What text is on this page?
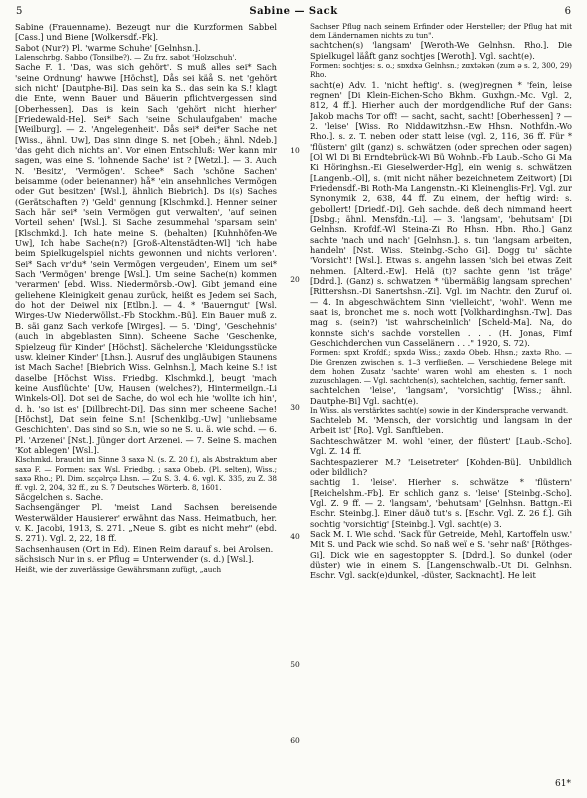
5	Sabine — Sack	6

Sabine (Frauenname). Bezeugt nur die Kurzformen Sabbel [Cass.] und Biene [Wolkersdf.-Fk].

Sabot (Nur?) Pl. 'warme Schuhe' [Gelnhsn.].

Lalenschrbg. Sabbo (Tonsilbe?). — Zu frz. sabot 'Holzschuh'.

Sache F. 1. 'Das, was sich gehört'. S muß alles sei* Sach 'seine Ordnung' hawwe [Höchst], Dås sei käå S. net 'gehört sich nicht' [Dautphe-Bi]. Das sein ka S.. das sein ka S.! klagt die Ente, wenn Bauer und Bäuerin pflichtvergessen sind [Oberhessen]. Das is kein Sach 'gehört nicht hierher' [Friedewald-He]. Sei* Sach 'seine Schulaufgaben' mache [Weilburg]. — 2. 'Angelegenheit'. Dås sei* dei*er Sache net [Wiss., ähnl. Uw], Das sinn dinge S. net [Obeh.; ähnl. Ndeb.] 'das geht dich nichts an'. Vor einen Entschluß: Wer kann mir sagen, was eine S. 'lohnende Sache' ist ? [Wetzl.]. — 3. Auch N. 'Besitz', 'Vermögen'. Schee* Sach 'schöne Sachen' beisamme (oder beienanner) hå* 'ein ansehnliches Vermögen oder Gut besitzen' [Wsl.], ähnlich Biebrich]. Ds i(s) Saches (Gerätschaften ?) 'Geld' gennung [Klschmkd.]. Henner seiner Sach här sei* 'sein Vermögen gut verwalten', 'auf seinen Vorteil sehen' [Wsl.]. Si Sache zesummehal 'sparsam sein' [Klschmkd.]. Ich hate meine S. (behalten) [Kuhnhöfen-We Uw], Ich habe Sache(n?) [Groß-Altenstädten-Wl] 'ich habe beim Spielkugelspiel nichts gewonnen und nichts verloren'. Sei* Sach vr'du* 'sein Vermögen vergeuden', Einem um sei* Sach 'Vermögen' brenge [Wsl.]. Um seine Sache(n) kommen 'verarmen' [ebd. Wiss. Niedermörsb.-Ow]. Gibt jemand eine geliehene Kleinigkeit genau zurück, heißt es Jedem sei Sach, do hot der Deiwel nix [Etlbn.]. — 4. * 'Bauerngut' [Wsl. Wirges-Uw Niederwöllst.-Fb Stockhm.-Bü]. Ein Bauer muß z. B. säi ganz Sach verkofe [Wirges]. — 5. 'Ding', 'Geschehnis' (auch in abgeblasten Sinn). Scheene Sache 'Geschenke, Spielzeug für Kinder' [Höchst]. Sächelerche 'Kleidungsstücke usw. kleiner Kinder' [Lhsn.]. Ausruf des ungläubigen Staunens ist Mach Sache! [Biebrich Wiss. Gelnhsn.], Mach keine S.! ist daselbe [Höchst Wiss. Friedbg. Klschmkd.], beugt 'mach keine Ausflüchte' [Uw, Hausen (welches?), Hintermeilgn.-Li Winkels-Ol]. Dot sei de Sache, do wol ech hie 'wollte ich hin', d. h. 'so ist es' [Dillbrecht-Di]. Das sinn mer scheene Sache! [Höchst], Dat sein feine S.n! [Schenklbg.-Uw] 'unliebsame Geschichten'. Das sind so S.n, wie so ne S. u. ä. wie schd. — 6. Pl. 'Arzenei' [Nst.]. Jünger dort Arzenei. — 7. Seine S. machen 'Kot ablegen' [Wsl.].

Klschmkd. braucht im Sinne 3 saxə N. (s. Z. 20 f.), als Abstraktum aber saxə F. — Formen: sax Wsl. Friedbg. ; saxə Obeb. (Pl. selten), Wiss.; saxə Rho.; Pl. Dim. sɛçəlrçə Lhsn. — Zu S. 3. 4. 6. vgl. K. 335, zu Z. 38 ff. vgl. 2, 204, 32 ff., zu S. 7 Deutsches Wörterb. 8, 1601.

Säcgelchen s. Sache.

Sachsengänger Pl. 'meist Land Sachsen bereisende Westerwälder Hausierer' erwähnt das Nass. Heimatbuch, her. v. K. Jacobi, 1913, S. 271. „Neue S. gibt es nicht mehr" (ebd. S. 271). Vgl. 2, 22, 18 ff.

Sachsenhausen (Ort in Ed). Einen Reim darauf s. bei Arolsen.

sächsisch Nur in s. er Pflug = Unterwender (s. d.) [Wsl.].

Heißt, wie der zuverlässige Gewährsmann zufügt, „auch

10
20
30
40
50
60

Sachser Pflug nach seinem Erfinder oder Hersteller; der Pflug hat mit dem Ländernamen nichts zu tun".

sachtchen(s) 'langsam' [Weroth-We Gelnhsn. Rho.]. Die Spielkugel läåft ganz sochtjes [Weroth]. Vgl. sacht(e).

Formen: sochtjes: s. o.; sɒxdxə Gelnhsn.; zɑxtəkən (zum ə s. 2, 300, 29) Rho.

sacht(e) Adv. 1. 'nicht heftig'. s. (weg)regnen * 'fein, leise regnen' [Di Klein-Eichen-Scho Bkhm. Guxhgn.-Mc. Vgl. 2, 812, 4 ff.]. Hierher auch der mordgendliche Ruf der Gans: Jakob machs Tor off! — sacht, sacht, sacht! [Oberhessen] ? — 2. 'leise' [Wiss. Ro Niddawitzhsn.-Ew Hhsn. Nothfdn.-Wo Rho.]. s. z. T. neben oder statt leise (vgl. 2, 116, 36 ff. Für * 'flüstern' gilt (ganz) s. schwätzen (oder sprechen oder sagen) [Ol Wl Di Bi Erndtebrück-Wi Bü Wohnb.-Fb Laub.-Scho Gi Ma Ki Höringhsn.-Ei Gieselwerder-Hg], ein wenig s. schwätzen [Langenb.-Ol], s. (mit nicht näher bezeichnetem Zeitwort) [Di Friedensdf.-Bi Roth-Ma Langenstn.-Ki Kleinenglis-Fr]. Vgl. zur Synonymik 2, 638, 44 ff. Zu einem, der heftig wird: s. gebollert! [Driedf.-Di]. Geh sachde. deß dech nimmand heert [Dsbg.; ähnl. Mensfdn.-Li]. — 3. 'langsam', 'behutsam' [Di Gelnhsn. Krofdf.-Wl Steina-Zi Ro Hhsn. Hbn. Rho.] Ganz sachte 'nach und nach' [Gelnhsn.]. s. tun 'langsam arbeiten, handeln' [Nst. Wiss. Steinbg.-Scho Gi]. Dogg tu' sächte 'Vorsicht'! [Wsl.]. Etwas s. angehn lassen 'sich bei etwas Zeit nehmen. [Alterd.-Ew]. Helä (t)? sachte genn 'ist träge' [Ddrd.]. (Ganz) s. schwatzen * 'übermäßig langsam sprechen' [Rittershsn.-Di Sanertshsn.-Zi]. Vgl. im Nachtr. den Zuruf oi. — 4. In abgeschwächtem Sinn 'vielleicht', 'wohl'. Wenn me saat is, bronchet me s. noch wott [Volkhardinghsn.-Tw]. Das mag s. (sein?) 'ist wahrscheinlich' [Scheld-Ma]. Na, do konnste sich's sachde vorstellen . . . (H. Jonas, Fimf Geschichderchen vun Casselänern . . ." 1920, S. 72).

Formen: spxt Krofdf.; spxdə Wiss.; zaxdə Obeb. Hhsn.; zaxtə Rho. — Die Grenzen zwischen s. 1–3 verfließen. — Verschiedene Belege mit dem hohen Zusatz 'sachte' waren wohl am ehesten s. 1 noch zuzuschlagen. — Vgl. sachtchen(s), sachtelchen, sachtig, ferner sanft.

sachtelchen 'leise', 'langsam', 'vorsichtig' [Wiss.; ähnl. Dautphe-Bi] Vgl. sacht(e).

In Wiss. als verstärktes sacht(e) sowie in der Kindersprache verwandt.

Sachteleb M. 'Mensch, der vorsichtig und langsam in der Arbeit ist' [Ro]. Vgl. Sanftleben.

Sachteschwätzer M. wohl 'einer, der flüstert' [Laub.-Scho]. Vgl. Z. 14 ff.

Sachtespazierer M.? 'Leisetreter' [Kohden-Bü]. Unbildlich oder bildlich?

sachtig 1. 'leise'. Hierher s. schwätze * 'flüstern' [Reichelshm.-Fb]. Er schlich ganz s. 'leise' [Steinbg.-Scho]. Vgl. Z. 9 ff. — 2. 'langsam', 'behutsam' [Gelnhsn. Battgn.-Ei Eschr. Steinbg.]. Einer däuð tut's s. [Eschr. Vgl. Z. 26 f.]. Gih sochtig 'vorsichtig' [Steinbg.]. Vgl. sacht(e) 3.

Sack M. I. Wie schd. 'Sack für Getreide, Mehl, Kartoffeln usw.' Mit S. und Pack wie schd. So naß weï e S. 'sehr naß' [Röthges-Gi]. Dick wie en sagestoppter S. [Ddrd.]. So dunkel (oder düster) wie in einem S. [Langenschwalb.-Ut Di. Gelnhsn. Eschr. Vgl. sack(e)dunkel, -düster, Sacknacht]. He leit

61*
